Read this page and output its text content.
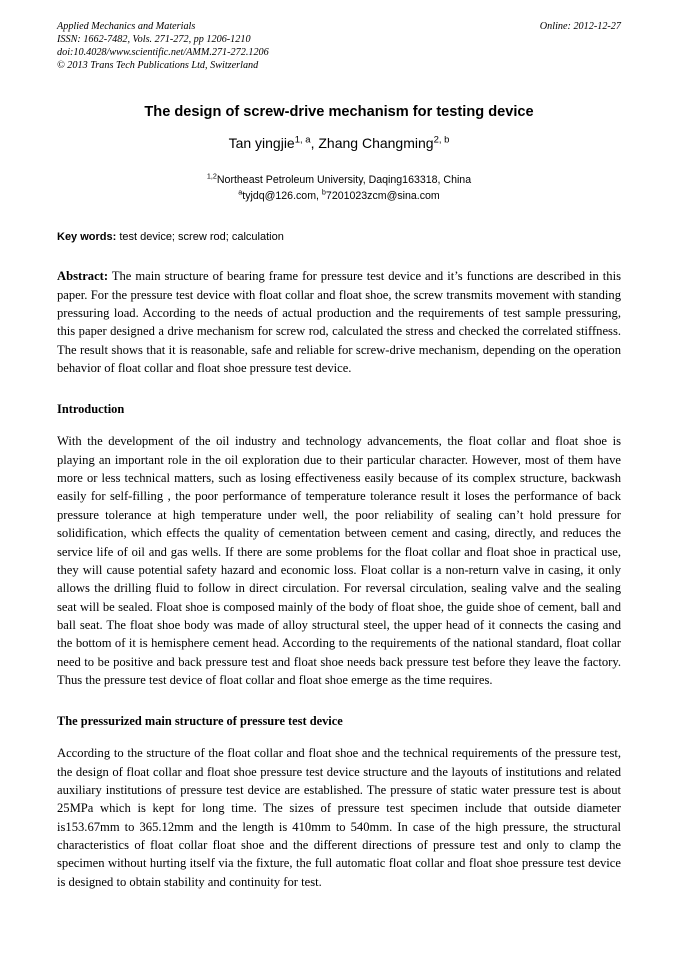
Applied Mechanics and Materials
ISSN: 1662-7482, Vols. 271-272, pp 1206-1210
doi:10.4028/www.scientific.net/AMM.271-272.1206
© 2013 Trans Tech Publications Ltd, Switzerland
Online: 2012-12-27
The design of screw-drive mechanism for testing device
Tan yingjie$^{1, a}$, Zhang Changming$^{2, b}$
$^{1,2}$Northeast Petroleum University, Daqing163318, China
$^a$tyjdq@126.com, $^b$7201023zcm@sina.com
Key words: test device; screw rod; calculation
Abstract: The main structure of bearing frame for pressure test device and it’s functions are described in this paper. For the pressure test device with float collar and float shoe, the screw transmits movement with standing pressuring load. According to the needs of actual production and the requirements of test sample pressuring, this paper designed a drive mechanism for screw rod, calculated the stress and checked the correlated stiffness. The result shows that it is reasonable, safe and reliable for screw-drive mechanism, depending on the operation behavior of float collar and float shoe pressure test device.
Introduction
With the development of the oil industry and technology advancements, the float collar and float shoe is playing an important role in the oil exploration due to their particular character. However, most of them have more or less technical matters, such as losing effectiveness easily because of its complex structure, backwash easily for self-filling , the poor performance of temperature tolerance result it loses the performance of back pressure tolerance at high temperature under well, the poor reliability of sealing can’t hold pressure for solidification, which effects the quality of cementation between cement and casing, directly, and reduces the service life of oil and gas wells. If there are some problems for the float collar and float shoe in practical use, they will cause potential safety hazard and economic loss. Float collar is a non-return valve in casing, it only allows the drilling fluid to follow in direct circulation. For reversal circulation, sealing valve and the sealing seat will be sealed. Float shoe is composed mainly of the body of float shoe, the guide shoe of cement, ball and ball seat. The float shoe body was made of alloy structural steel, the upper head of it connects the casing and the bottom of it is hemisphere cement head. According to the requirements of the national standard, float collar need to be positive and back pressure test and float shoe needs back pressure test before they leave the factory. Thus the pressure test device of float collar and float shoe emerge as the time requires.
The pressurized main structure of pressure test device
According to the structure of the float collar and float shoe and the technical requirements of the pressure test, the design of float collar and float shoe pressure test device structure and the layouts of institutions and related auxiliary institutions of pressure test device are established. The pressure of static water pressure test is about 25MPa which is kept for long time. The sizes of pressure test specimen include that outside diameter is153.67mm to 365.12mm and the length is 410mm to 540mm. In case of the high pressure, the structural characteristics of float collar float shoe and the different directions of pressure test and only to clamp the specimen without hurting itself via the fixture, the full automatic float collar and float shoe pressure test device is designed to obtain stability and continuity for test.
